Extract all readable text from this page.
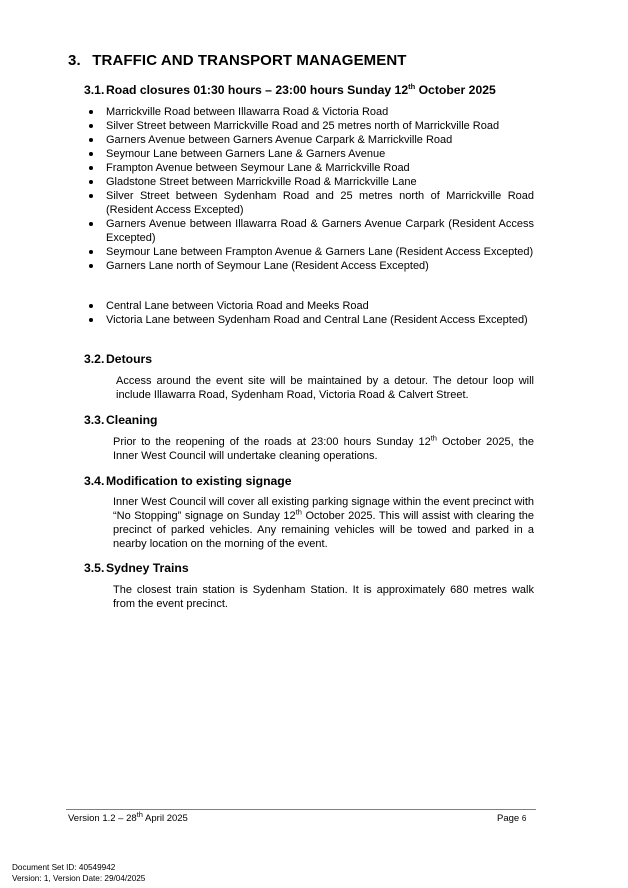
3. TRAFFIC AND TRANSPORT MANAGEMENT
3.1. Road closures 01:30 hours – 23:00 hours Sunday 12th October 2025
Marrickville Road between Illawarra Road & Victoria Road
Silver Street between Marrickville Road and 25 metres north of Marrickville Road
Garners Avenue between Garners Avenue Carpark & Marrickville Road
Seymour Lane between Garners Lane & Garners Avenue
Frampton Avenue between Seymour Lane & Marrickville Road
Gladstone Street between Marrickville Road & Marrickville Lane
Silver Street between Sydenham Road and 25 metres north of Marrickville Road (Resident Access Excepted)
Garners Avenue between Illawarra Road & Garners Avenue Carpark (Resident Access Excepted)
Seymour Lane between Frampton Avenue & Garners Lane (Resident Access Excepted)
Garners Lane north of Seymour Lane (Resident Access Excepted)
Central Lane between Victoria Road and Meeks Road
Victoria Lane between Sydenham Road and Central Lane (Resident Access Excepted)
3.2. Detours
Access around the event site will be maintained by a detour. The detour loop will include Illawarra Road, Sydenham Road, Victoria Road & Calvert Street.
3.3. Cleaning
Prior to the reopening of the roads at 23:00 hours Sunday 12th October 2025, the Inner West Council will undertake cleaning operations.
3.4. Modification to existing signage
Inner West Council will cover all existing parking signage within the event precinct with “No Stopping” signage on Sunday 12th October 2025. This will assist with clearing the precinct of parked vehicles. Any remaining vehicles will be towed and parked in a nearby location on the morning of the event.
3.5. Sydney Trains
The closest train station is Sydenham Station. It is approximately 680 metres walk from the event precinct.
Version 1.2 – 28th April 2025	Page 6
Document Set ID: 40549942
Version: 1, Version Date: 29/04/2025
